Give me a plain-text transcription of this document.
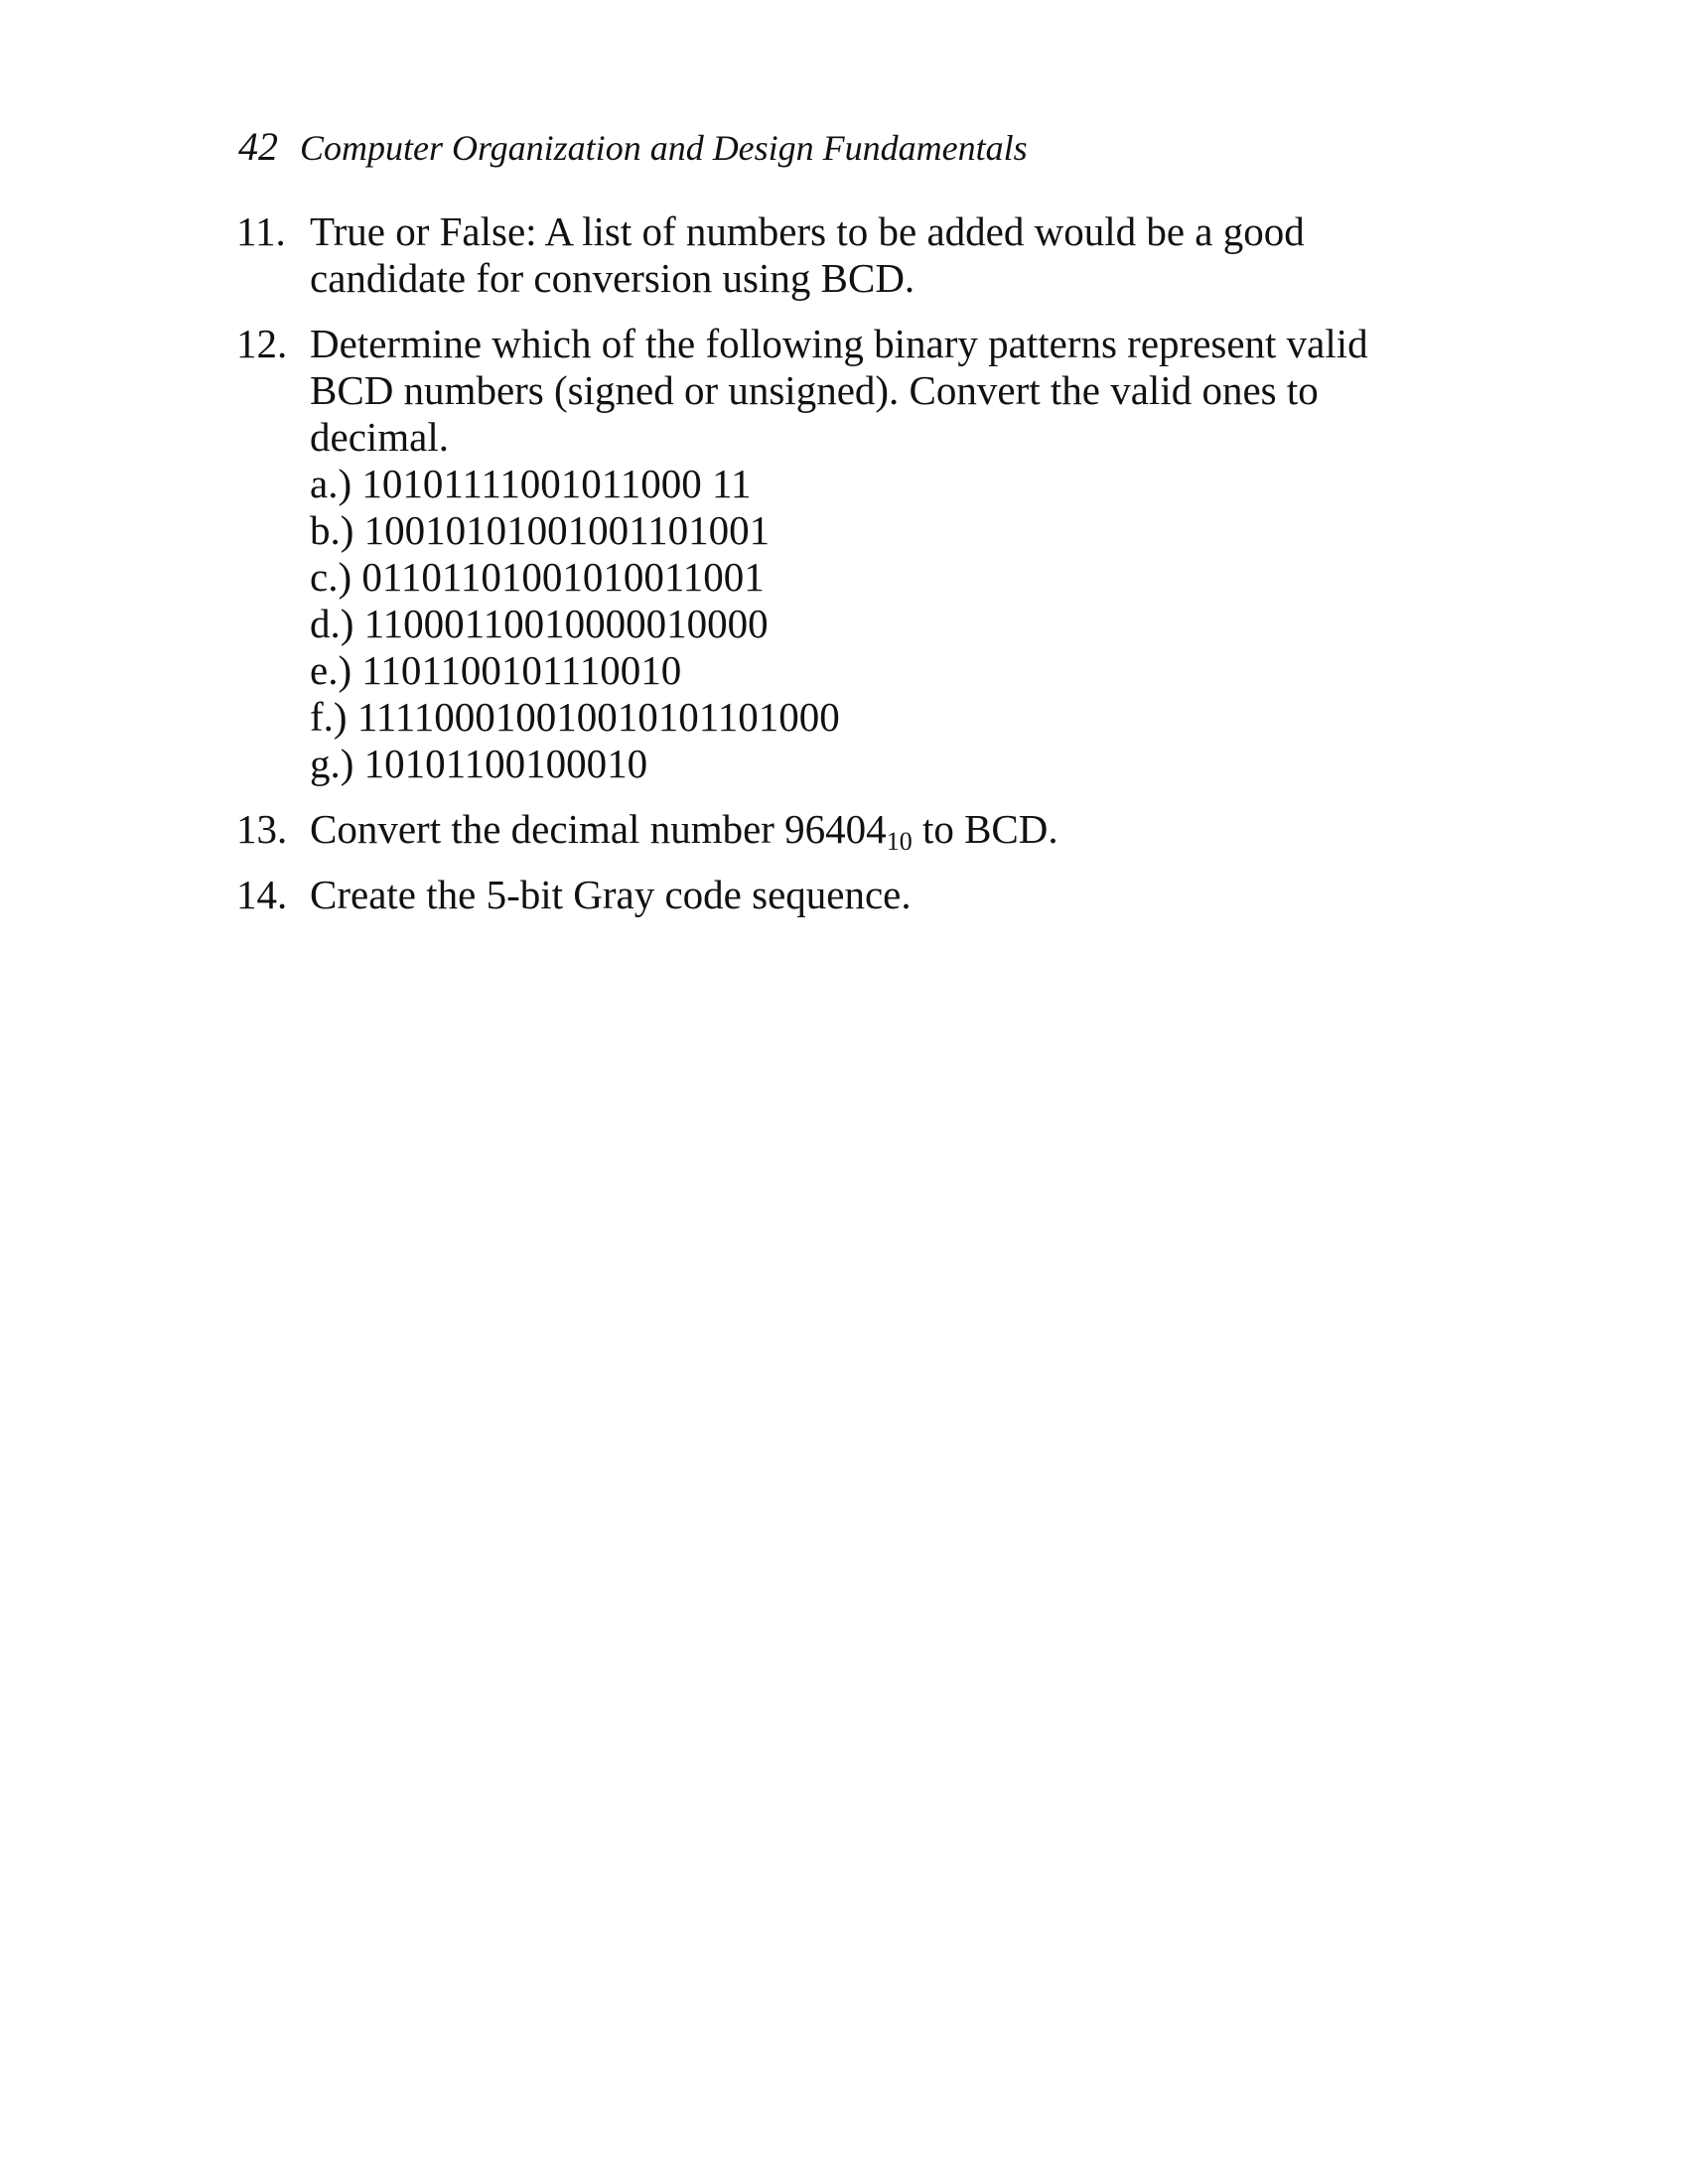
42 Computer Organization and Design Fundamentals
11. True or False: A list of numbers to be added would be a good candidate for conversion using BCD.
12. Determine which of the following binary patterns represent valid BCD numbers (signed or unsigned). Convert the valid ones to decimal.
a.) 10101111001011000 11
b.) 10010101001001101001
c.) 01101101001010011001
d.) 11000110010000010000
e.) 1101100101110010
f.) 111100010010010101101000
g.) 10101100100010
13. Convert the decimal number $96404_{10}$ to BCD.
14. Create the 5-bit Gray code sequence.
